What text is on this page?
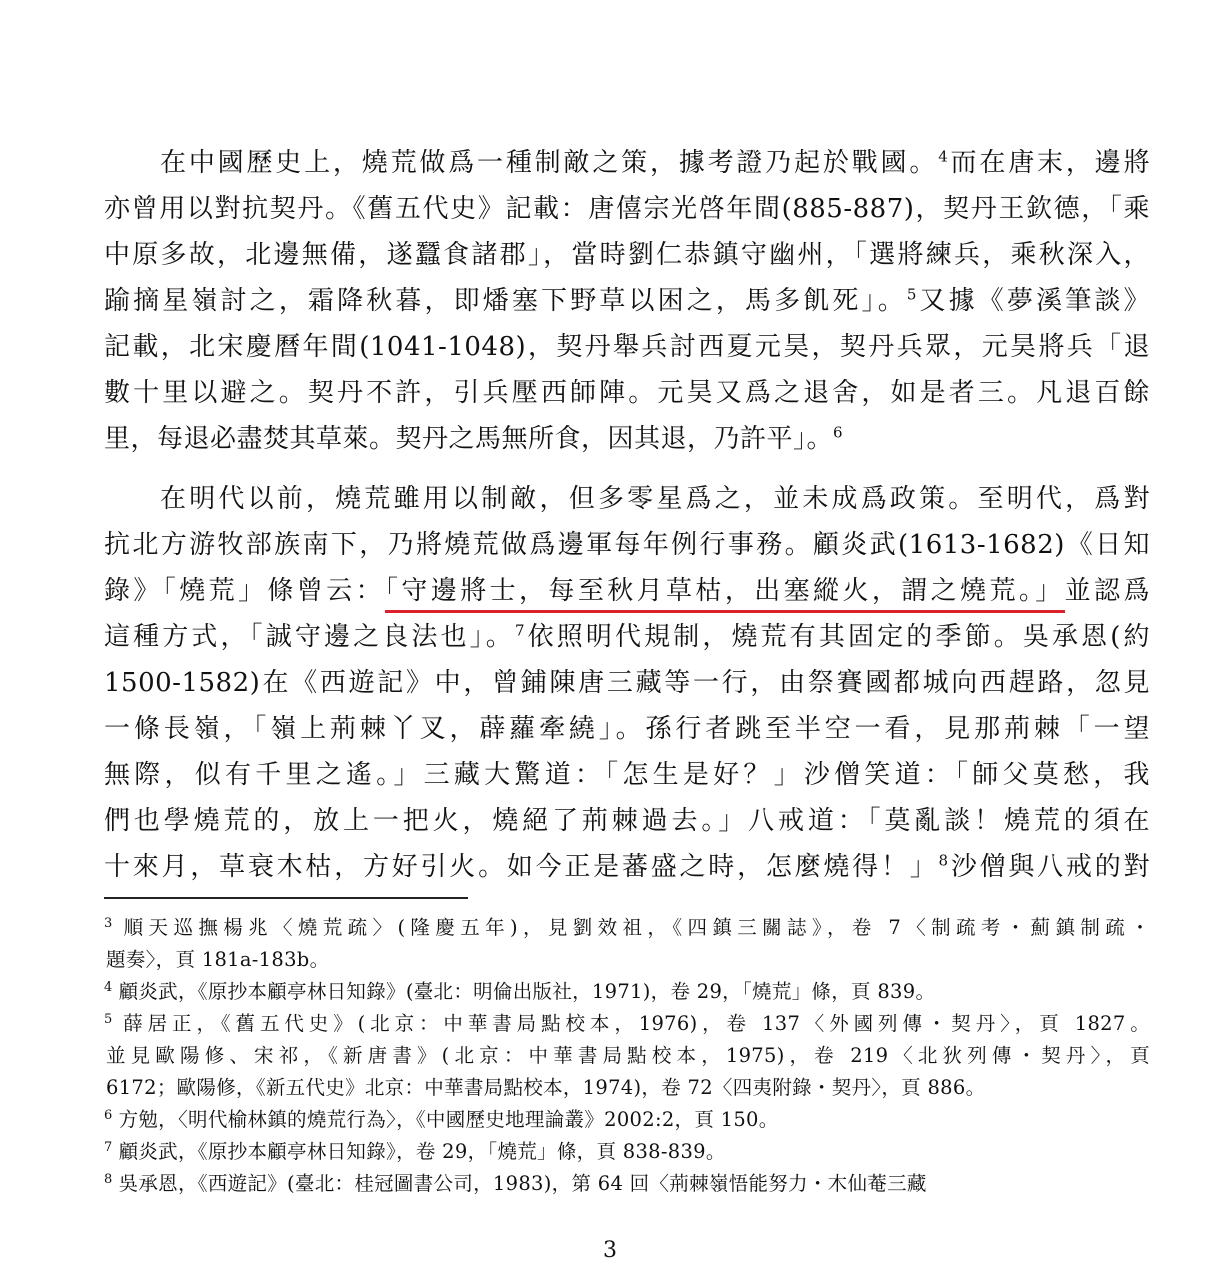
在中國歷史上，燒荒做爲一種制敵之策，據考證乃起於戰國。$^4$而在唐末，邊將
亦曾用以對抗契丹。《舊五代史》記載：唐僖宗光啓年間(885-887)，契丹王欽德，「乘
中原多故，北邊無備，遂蠶食諸郡」，當時劉仁恭鎮守幽州，「選將練兵，乘秋深入，
踰摘星嶺討之，霜降秋暮，即燔塞下野草以困之，馬多飢死」。$^5$又據《夢溪筆談》
記載，北宋慶曆年間(1041-1048)，契丹舉兵討西夏元昊，契丹兵眾，元昊將兵「退
數十里以避之。契丹不許，引兵壓西師陣。元昊又爲之退舍，如是者三。凡退百餘
里，每退必盡焚其草萊。契丹之馬無所食，因其退，乃許平」。$^6$
在明代以前，燒荒雖用以制敵，但多零星爲之，並未成爲政策。至明代，爲對
抗北方游牧部族南下，乃將燒荒做爲邊軍每年例行事務。顧炎武(1613-1682)《日知
錄》「燒荒」條曾云：「守邊將士，每至秋月草枯，出塞縱火，謂之燒荒。」並認爲
這種方式，「誠守邊之良法也」。$^7$依照明代規制，燒荒有其固定的季節。吳承恩(約
1500-1582)在《西遊記》中，曾鋪陳唐三藏等一行，由祭賽國都城向西趕路，忽見
一條長嶺，「嶺上荊棘丫叉，薜蘿牽繞」。孫行者跳至半空一看，見那荊棘「一望
無際，似有千里之遙。」三藏大驚道：「怎生是好？」沙僧笑道：「師父莫愁，我
們也學燒荒的，放上一把火，燒絕了荊棘過去。」八戒道：「莫亂談！燒荒的須在
十來月，草衰木枯，方好引火。如今正是蕃盛之時，怎麼燒得！」$^8$沙僧與八戒的對
$^3$ 順天巡撫楊兆〈燒荒疏〉(隆慶五年)，見劉效祖，《四鎮三關誌》，卷 7〈制疏考・薊鎮制疏・
題奏〉，頁 181a-183b。
$^4$ 顧炎武，《原抄本顧亭林日知錄》(臺北：明倫出版社，1971)，卷 29，「燒荒」條，頁 839。
$^5$ 薛居正，《舊五代史》(北京：中華書局點校本，1976)，卷 137〈外國列傳・契丹〉，頁 1827。
並見歐陽修、宋祁，《新唐書》(北京：中華書局點校本，1975)，卷 219〈北狄列傳・契丹〉，頁
6172；歐陽修，《新五代史》北京：中華書局點校本，1974)，卷 72〈四夷附錄・契丹〉，頁 886。
$^6$ 方勉，〈明代榆林鎮的燒荒行為〉，《中國歷史地理論叢》2002:2，頁 150。
$^7$ 顧炎武，《原抄本顧亭林日知錄》，卷 29，「燒荒」條，頁 838-839。
$^8$ 吳承恩，《西遊記》(臺北：桂冠圖書公司，1983)，第 64 回〈荊棘嶺悟能努力・木仙菴三藏
3
